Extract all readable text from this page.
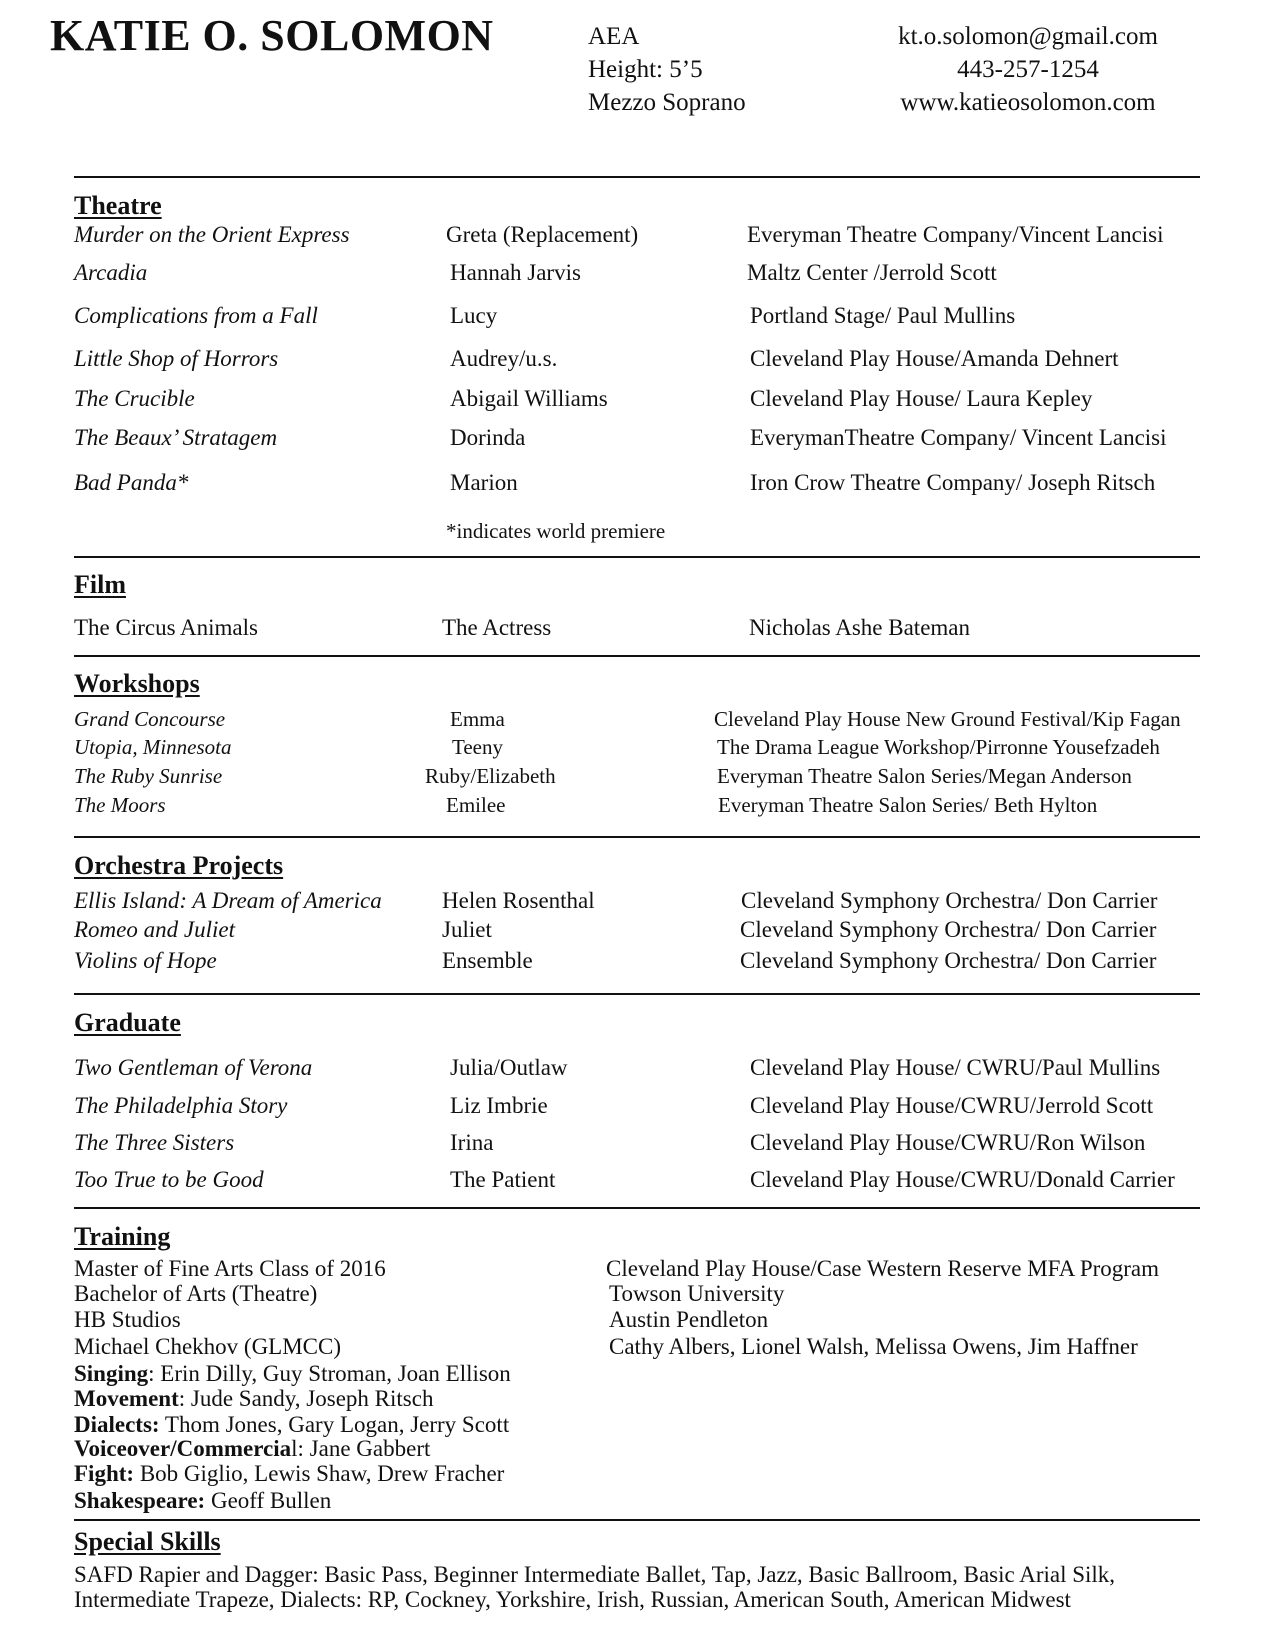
KATIE O. SOLOMON	AEA
Height: 5’5
Mezzo Soprano
kt.o.solomon@gmail.com
443-257-1254
www.katieosolomon.com
Theatre
Murder on the Orient Express	Greta (Replacement)	Everyman Theatre Company/Vincent Lancisi
Arcadia	Hannah Jarvis	Maltz Center /Jerrold Scott
Complications from a Fall	Lucy	Portland Stage/ Paul Mullins
Little Shop of Horrors	Audrey/u.s.	Cleveland Play House/Amanda Dehnert
The Crucible	Abigail Williams	Cleveland Play House/ Laura Kepley
The Beaux’ Stratagem	Dorinda	EverymanTheatre Company/ Vincent Lancisi
Bad Panda*	Marion	Iron Crow Theatre Company/ Joseph Ritsch
*indicates world premiere
Film
The Circus Animals	The Actress	Nicholas Ashe Bateman
Workshops
Grand Concourse	Emma	Cleveland Play House New Ground Festival/Kip Fagan
Utopia, Minnesota	Teeny	The Drama League Workshop/Pirronne Yousefzadeh
The Ruby Sunrise	Ruby/Elizabeth	Everyman Theatre Salon Series/Megan Anderson
The Moors	Emilee	Everyman Theatre Salon Series/ Beth Hylton
Orchestra Projects
Ellis Island: A Dream of America	Helen Rosenthal	Cleveland Symphony Orchestra/ Don Carrier
Romeo and Juliet	Juliet	Cleveland Symphony Orchestra/ Don Carrier
Violins of Hope	Ensemble	Cleveland Symphony Orchestra/ Don Carrier
Graduate
Two Gentleman of Verona	Julia/Outlaw	Cleveland Play House/ CWRU/Paul Mullins
The Philadelphia Story	Liz Imbrie	Cleveland Play House/CWRU/Jerrold Scott
The Three Sisters	Irina	Cleveland Play House/CWRU/Ron Wilson
Too True to be Good	The Patient	Cleveland Play House/CWRU/Donald Carrier
Training
Master of Fine Arts Class of 2016	Cleveland Play House/Case Western Reserve MFA Program
Bachelor of Arts (Theatre)	Towson University
HB Studios	Austin Pendleton
Michael Chekhov (GLMCC)	Cathy Albers, Lionel Walsh, Melissa Owens, Jim Haffner
Singing: Erin Dilly, Guy Stroman, Joan Ellison
Movement: Jude Sandy, Joseph Ritsch
Dialects: Thom Jones, Gary Logan, Jerry Scott
Voiceover/Commercial: Jane Gabbert
Fight: Bob Giglio, Lewis Shaw, Drew Fracher
Shakespeare: Geoff Bullen
Special Skills
SAFD Rapier and Dagger: Basic Pass, Beginner Intermediate Ballet, Tap, Jazz, Basic Ballroom, Basic Arial Silk,
Intermediate Trapeze, Dialects: RP, Cockney, Yorkshire, Irish, Russian, American South, American Midwest
